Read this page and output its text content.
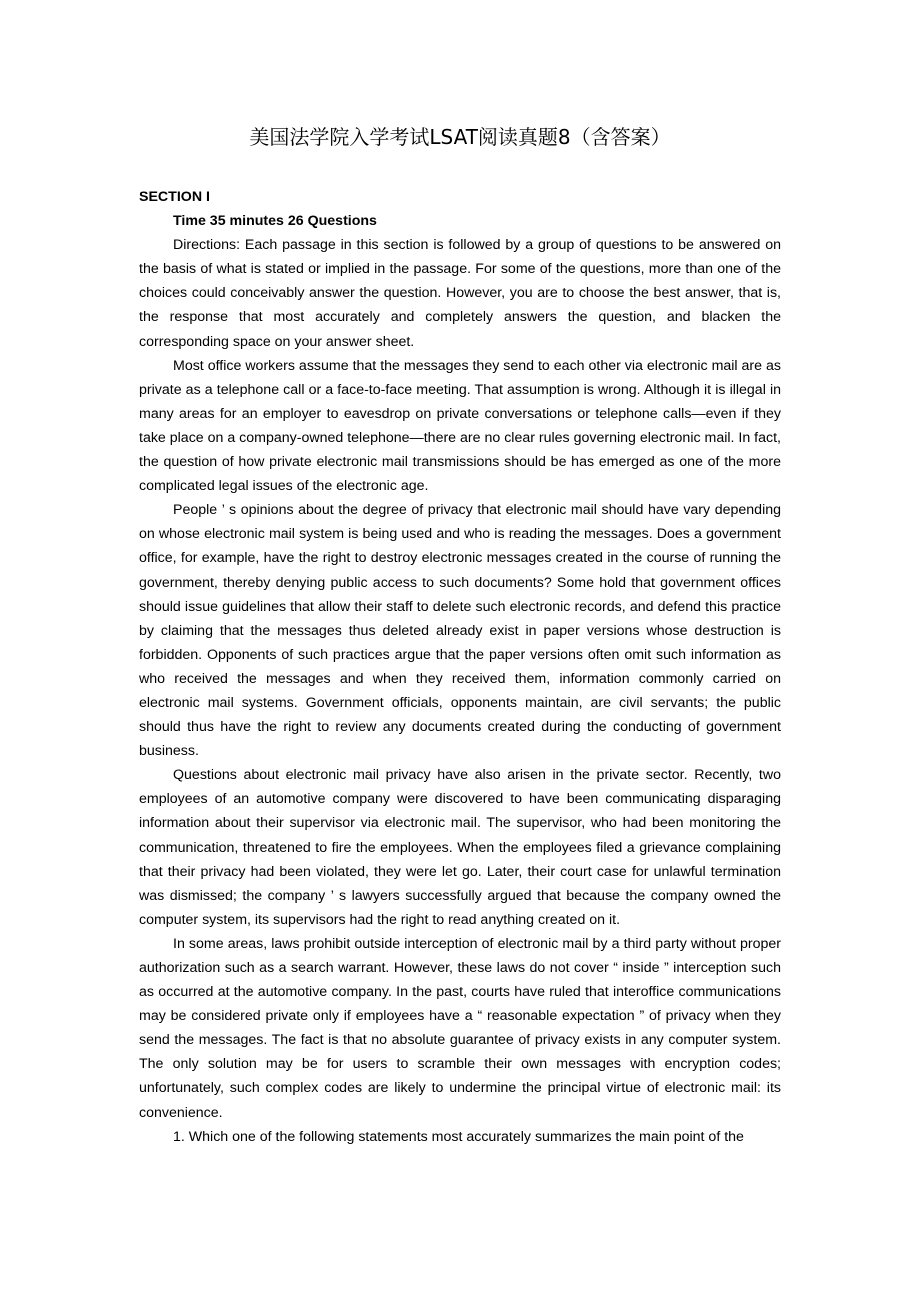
美国法学院入学考试LSAT阅读真题8（含答案）

SECTION I

Time 35 minutes 26 Questions

Directions: Each passage in this section is followed by a group of questions to be answered on the basis of what is stated or implied in the passage. For some of the questions, more than one of the choices could conceivably answer the question. However, you are to choose the best answer, that is, the response that most accurately and completely answers the question, and blacken the corresponding space on your answer sheet.

Most office workers assume that the messages they send to each other via electronic mail are as private as a telephone call or a face-to-face meeting. That assumption is wrong. Although it is illegal in many areas for an employer to eavesdrop on private conversations or telephone calls—even if they take place on a company-owned telephone—there are no clear rules governing electronic mail. In fact, the question of how private electronic mail transmissions should be has emerged as one of the more complicated legal issues of the electronic age.

People ’ s opinions about the degree of privacy that electronic mail should have vary depending on whose electronic mail system is being used and who is reading the messages. Does a government office, for example, have the right to destroy electronic messages created in the course of running the government, thereby denying public access to such documents? Some hold that government offices should issue guidelines that allow their staff to delete such electronic records, and defend this practice by claiming that the messages thus deleted already exist in paper versions whose destruction is forbidden. Opponents of such practices argue that the paper versions often omit such information as who received the messages and when they received them, information commonly carried on electronic mail systems. Government officials, opponents maintain, are civil servants; the public should thus have the right to review any documents created during the conducting of government business.

Questions about electronic mail privacy have also arisen in the private sector. Recently, two employees of an automotive company were discovered to have been communicating disparaging information about their supervisor via electronic mail. The supervisor, who had been monitoring the communication, threatened to fire the employees. When the employees filed a grievance complaining that their privacy had been violated, they were let go. Later, their court case for unlawful termination was dismissed; the company ’ s lawyers successfully argued that because the company owned the computer system, its supervisors had the right to read anything created on it.

In some areas, laws prohibit outside interception of electronic mail by a third party without proper authorization such as a search warrant. However, these laws do not cover “ inside ” interception such as occurred at the automotive company. In the past, courts have ruled that interoffice communications may be considered private only if employees have a “ reasonable expectation ” of privacy when they send the messages. The fact is that no absolute guarantee of privacy exists in any computer system. The only solution may be for users to scramble their own messages with encryption codes; unfortunately, such complex codes are likely to undermine the principal virtue of electronic mail: its convenience.

1. Which one of the following statements most accurately summarizes the main point of the
